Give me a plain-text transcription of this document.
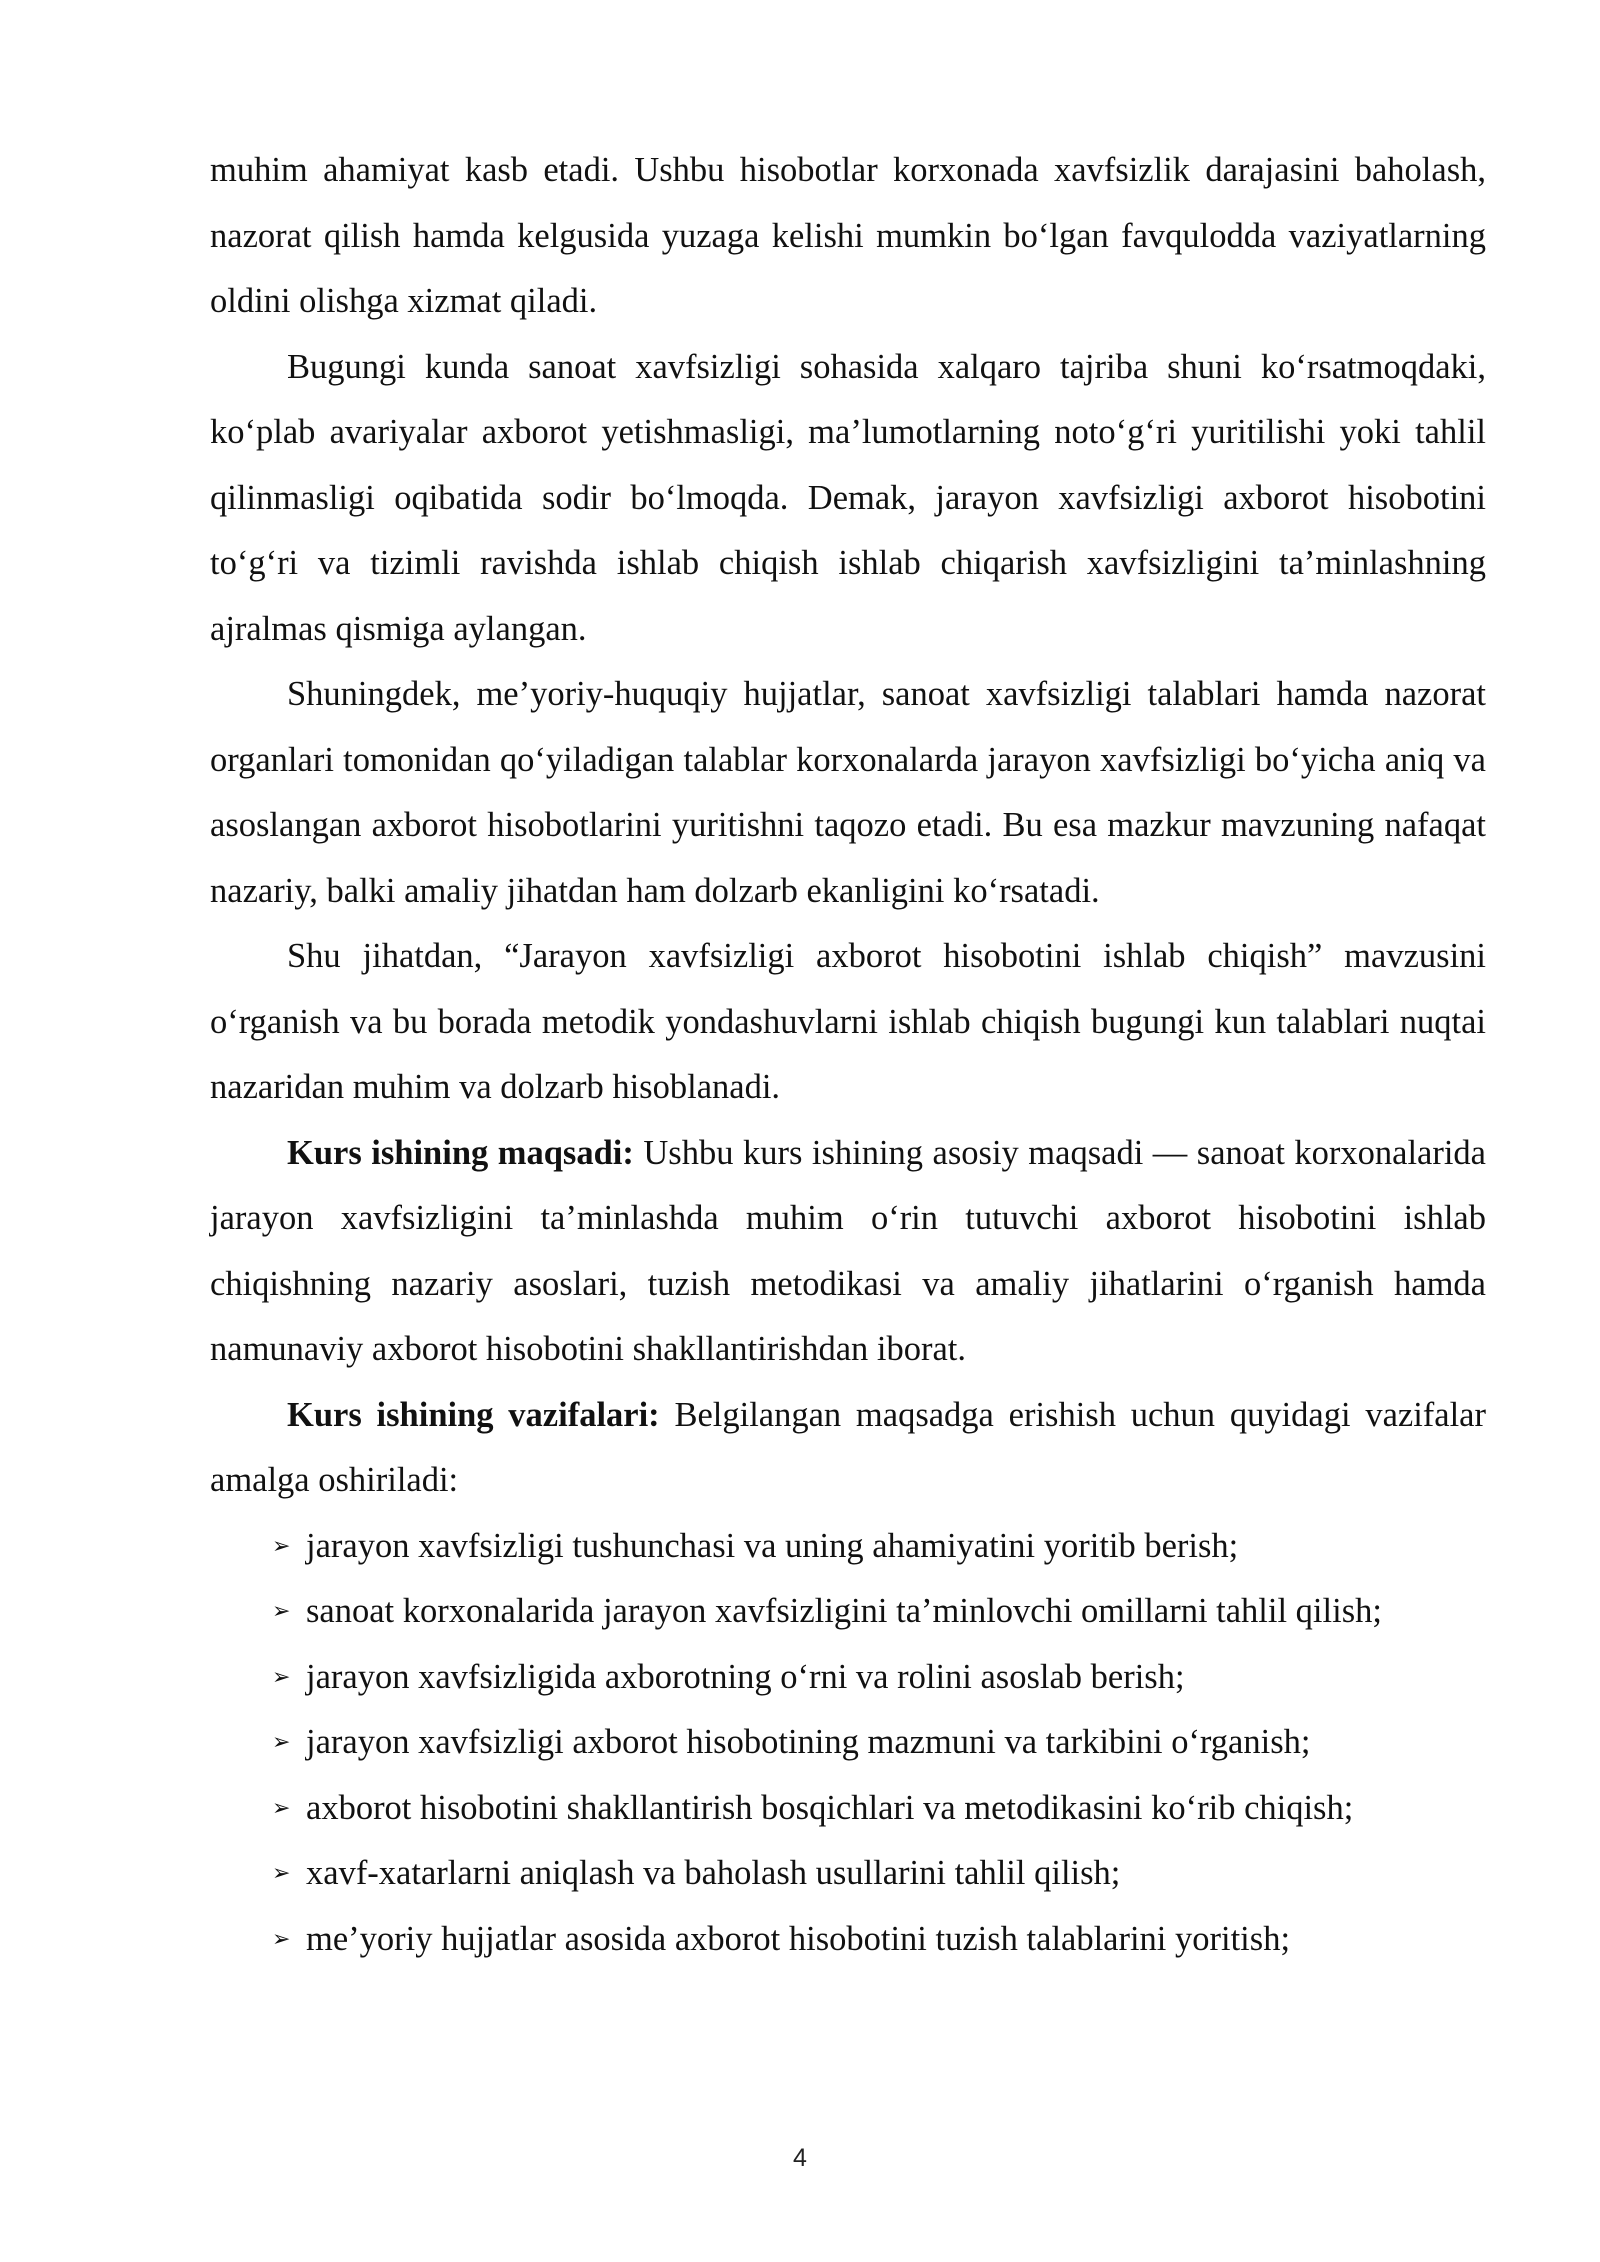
muhim ahamiyat kasb etadi. Ushbu hisobotlar korxonada xavfsizlik darajasini baholash, nazorat qilish hamda kelgusida yuzaga kelishi mumkin bo‘lgan favqulodda vaziyatlarning oldini olishga xizmat qiladi.

Bugungi kunda sanoat xavfsizligi sohasida xalqaro tajriba shuni ko‘rsatmoqdaki, ko‘plab avariyalar axborot yetishmasligi, ma’lumotlarning noto‘g‘ri yuritilishi yoki tahlil qilinmasligi oqibatida sodir bo‘lmoqda. Demak, jarayon xavfsizligi axborot hisobotini to‘g‘ri va tizimli ravishda ishlab chiqish ishlab chiqarish xavfsizligini ta’minlashning ajralmas qismiga aylangan.

Shuningdek, me’yoriy-huquqiy hujjatlar, sanoat xavfsizligi talablari hamda nazorat organlari tomonidan qo‘yiladigan talablar korxonalarda jarayon xavfsizligi bo‘yicha aniq va asoslangan axborot hisobotlarini yuritishni taqozo etadi. Bu esa mazkur mavzuning nafaqat nazariy, balki amaliy jihatdan ham dolzarb ekanligini ko‘rsatadi.

Shu jihatdan, “Jarayon xavfsizligi axborot hisobotini ishlab chiqish” mavzusini o‘rganish va bu borada metodik yondashuvlarni ishlab chiqish bugungi kun talablari nuqtai nazaridan muhim va dolzarb hisoblanadi.

Kurs ishining maqsadi: Ushbu kurs ishining asosiy maqsadi — sanoat korxonalarida jarayon xavfsizligini ta’minlashda muhim o‘rin tutuvchi axborot hisobotini ishlab chiqishning nazariy asoslari, tuzish metodikasi va amaliy jihatlarini o‘rganish hamda namunaviy axborot hisobotini shakllantirishdan iborat.

Kurs ishining vazifalari: Belgilangan maqsadga erishish uchun quyidagi vazifalar amalga oshiriladi:

➢ jarayon xavfsizligi tushunchasi va uning ahamiyatini yoritib berish;
➢ sanoat korxonalarida jarayon xavfsizligini ta’minlovchi omillarni tahlil qilish;
➢ jarayon xavfsizligida axborotning o‘rni va rolini asoslab berish;
➢ jarayon xavfsizligi axborot hisobotining mazmuni va tarkibini o‘rganish;
➢ axborot hisobotini shakllantirish bosqichlari va metodikasini ko‘rib chiqish;
➢ xavf-xatarlarni aniqlash va baholash usullarini tahlil qilish;
➢ me’yoriy hujjatlar asosida axborot hisobotini tuzish talablarini yoritish;
4
